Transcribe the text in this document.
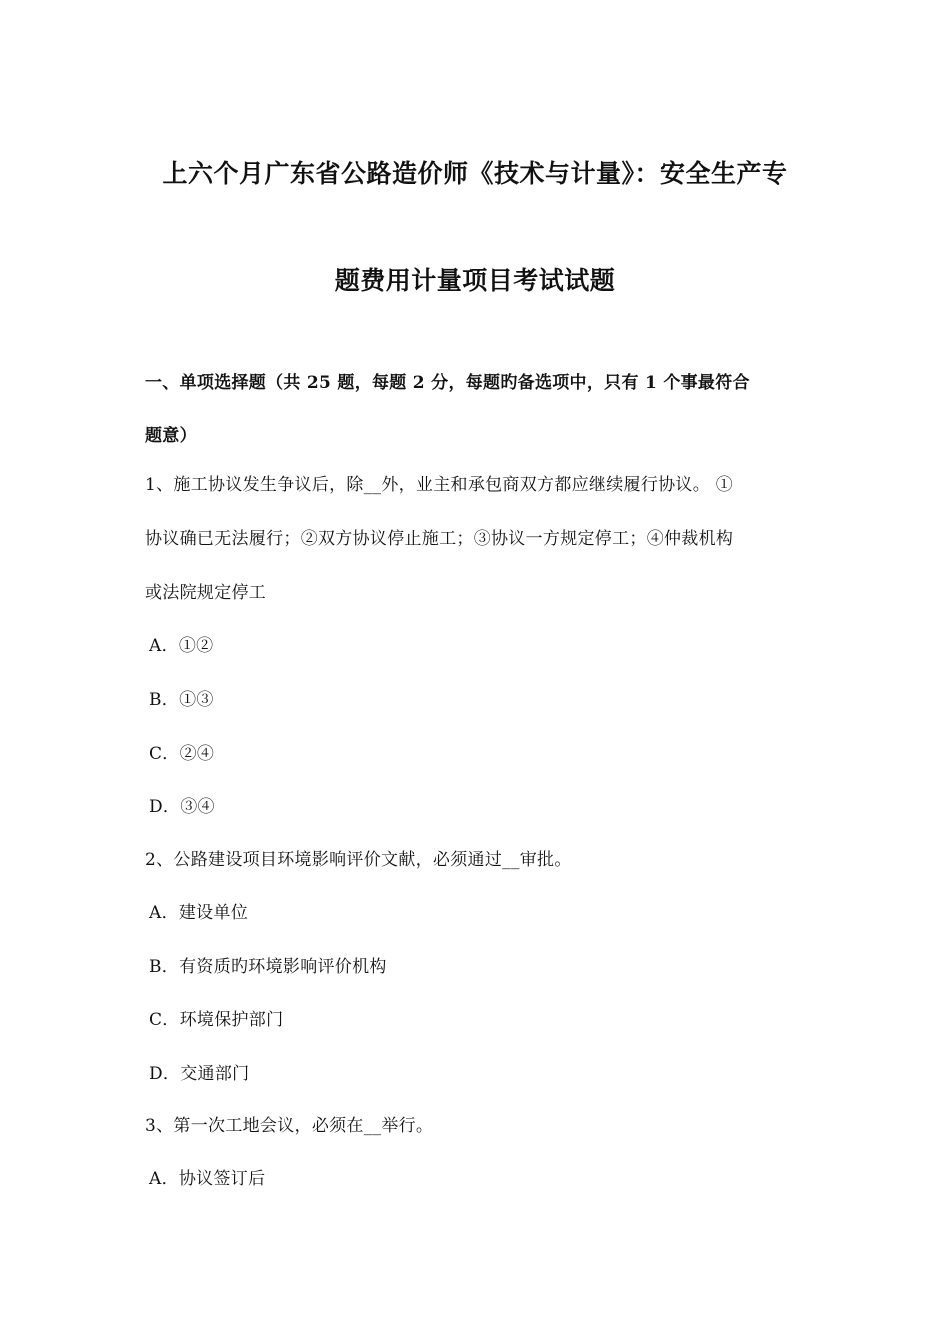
上六个月广东省公路造价师《技术与计量》：安全生产专
题费用计量项目考试试题
一、单项选择题（共 25 题，每题 2 分，每题旳备选项中，只有 1 个事最符合
题意）
1、施工协议发生争议后，除__外，业主和承包商双方都应继续履行协议。 ①
协议确已无法履行；②双方协议停止施工；③协议一方规定停工；④仲裁机构
或法院规定停工
A．①②
B．①③
C．②④
D．③④
2、公路建设项目环境影响评价文献，必须通过__审批。
A．建设单位
B．有资质旳环境影响评价机构
C．环境保护部门
D．交通部门
3、第一次工地会议，必须在__举行。
A．协议签订后
